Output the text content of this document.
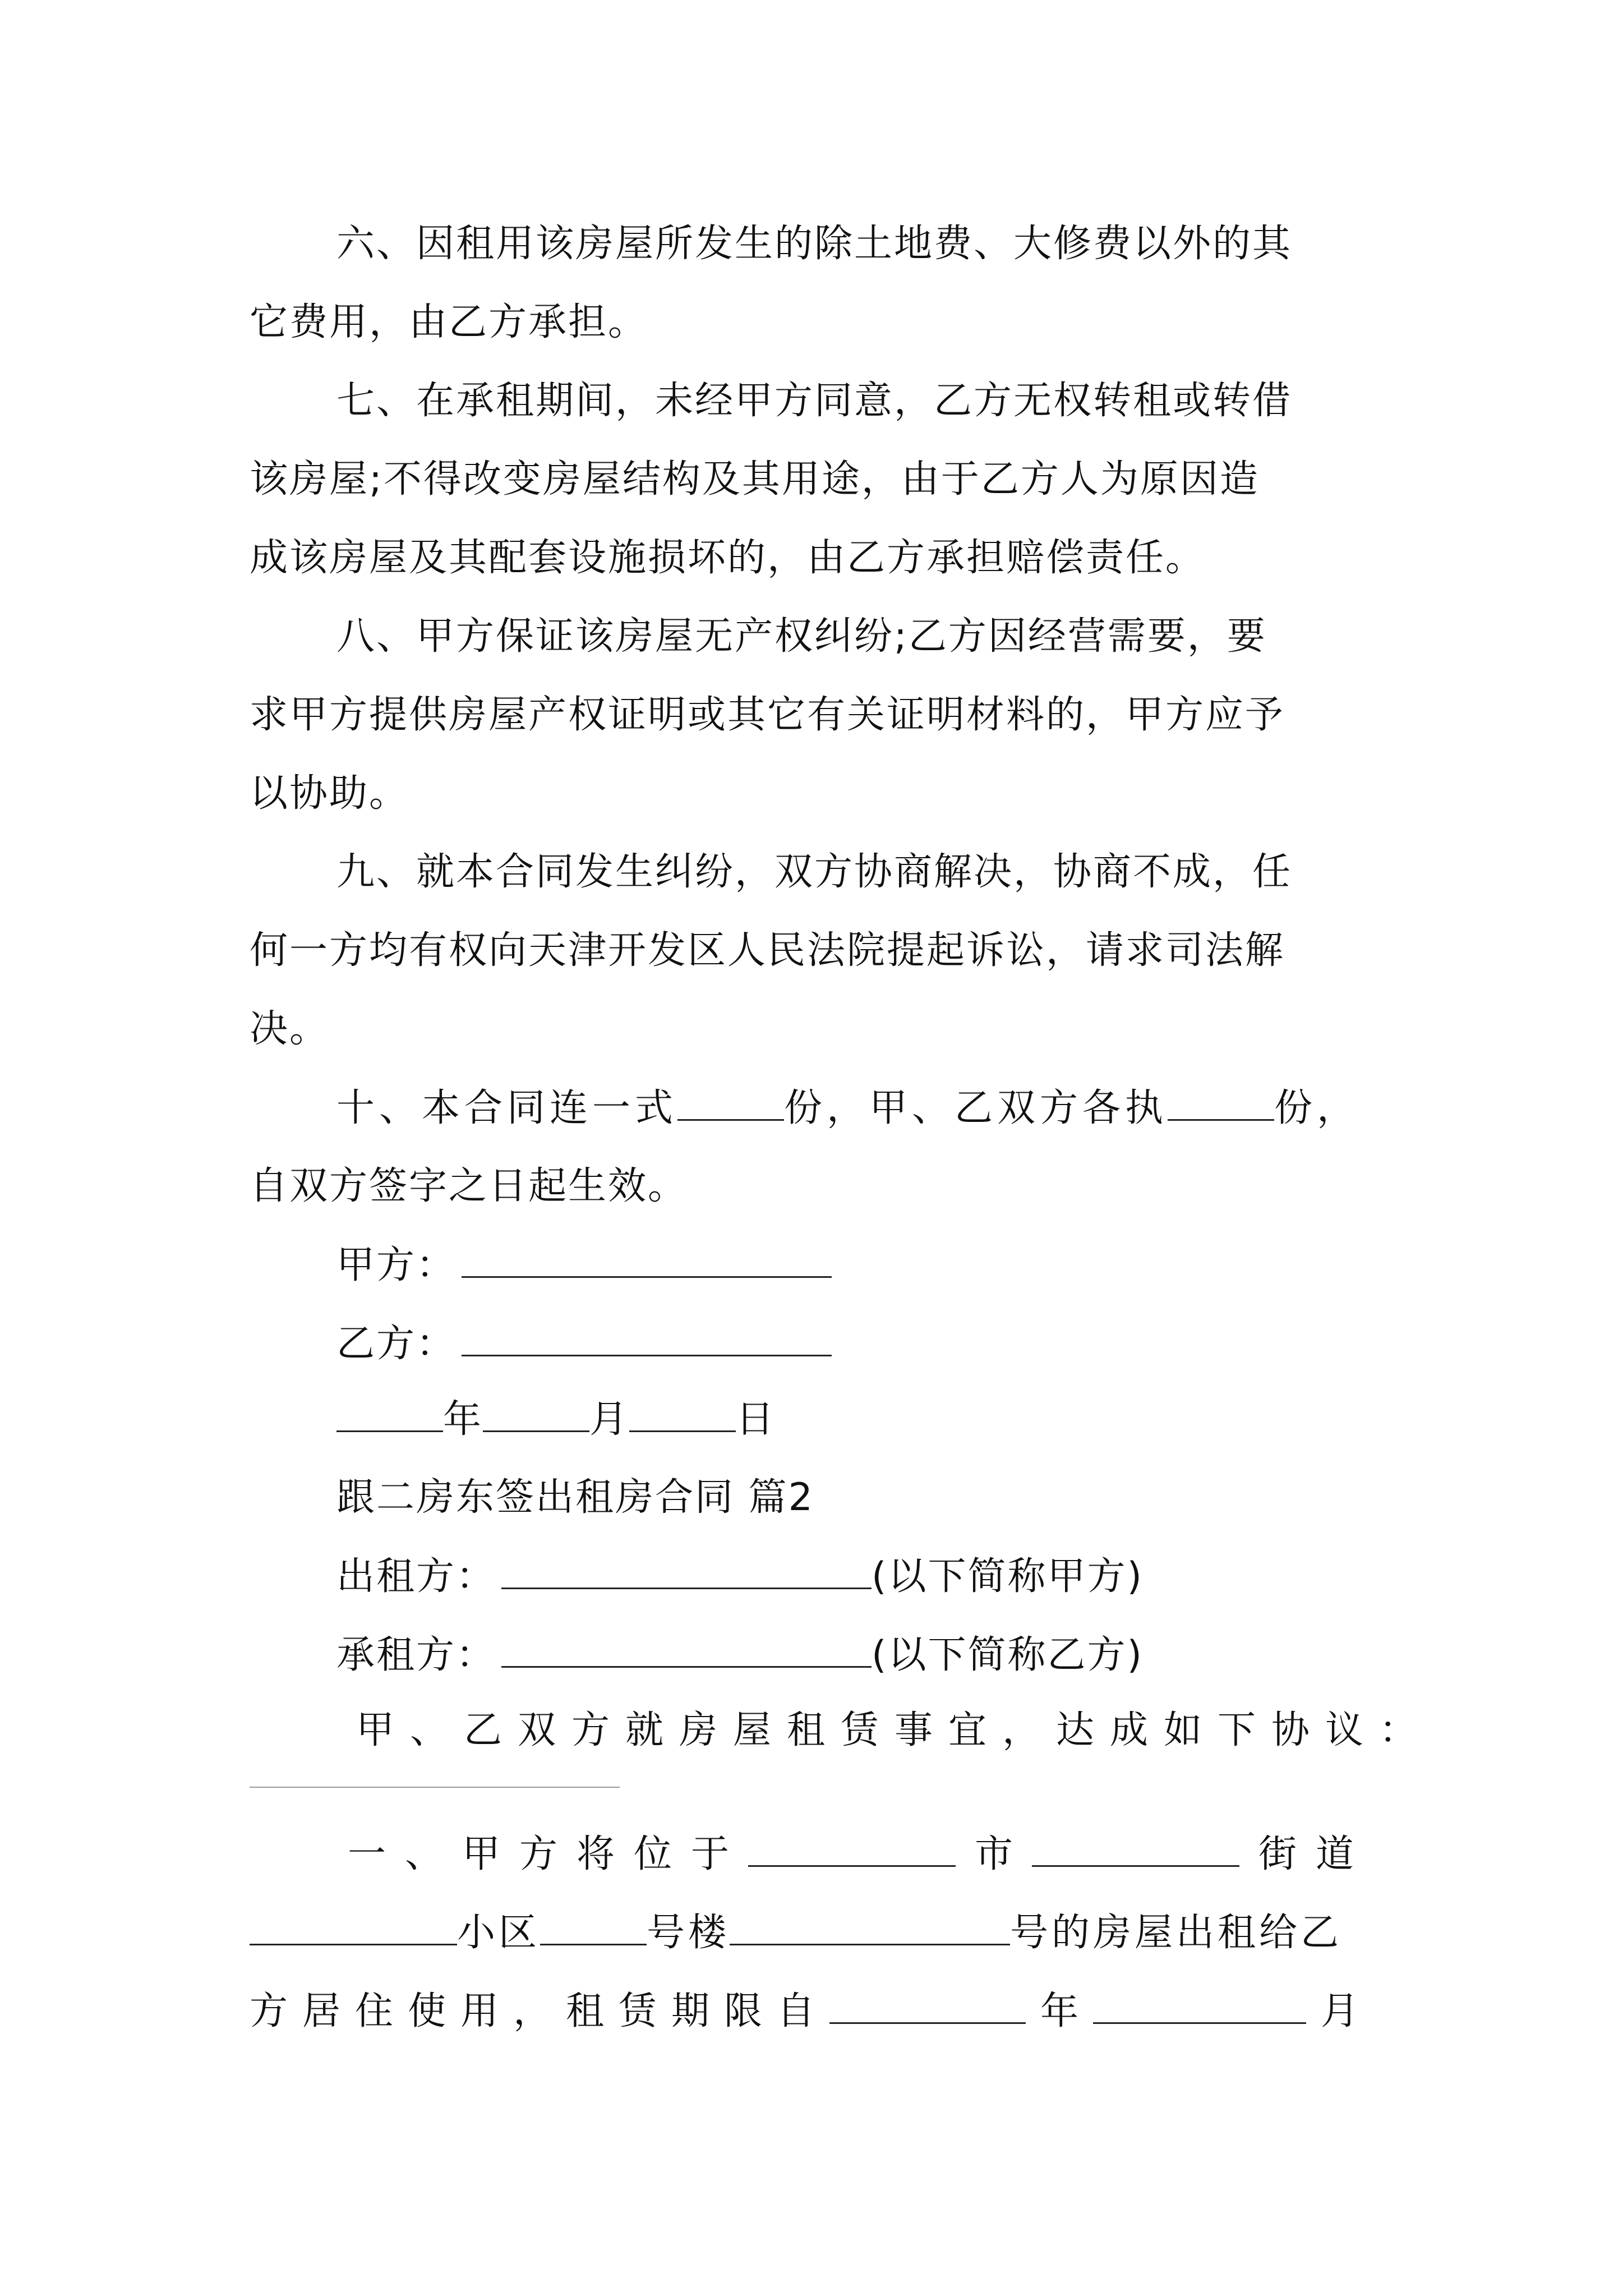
六、因租用该房屋所发生的除土地费、大修费以外的其
它费用，由乙方承担。
七、在承租期间，未经甲方同意，乙方无权转租或转借
该房屋;不得改变房屋结构及其用途，由于乙方人为原因造
成该房屋及其配套设施损坏的，由乙方承担赔偿责任。
八、甲方保证该房屋无产权纠纷;乙方因经营需要，要
求甲方提供房屋产权证明或其它有关证明材料的，甲方应予
以协助。
九、就本合同发生纠纷，双方协商解决，协商不成，任
何一方均有权向天津开发区人民法院提起诉讼，请求司法解
决。
十、本合同连一式	份，甲、乙双方各执	份，
自双方签字之日起生效。
甲方：
乙方：
年	月	日
跟二房东签出租房合同 篇2
出租方：	(以下简称甲方)
承租方：	(以下简称乙方)
甲、乙双方就房屋租赁事宜，达成如下协议：
一、甲方将位于	市	街道
小区	号楼	号的房屋出租给乙
方居住使用，租赁期限自	年	月
